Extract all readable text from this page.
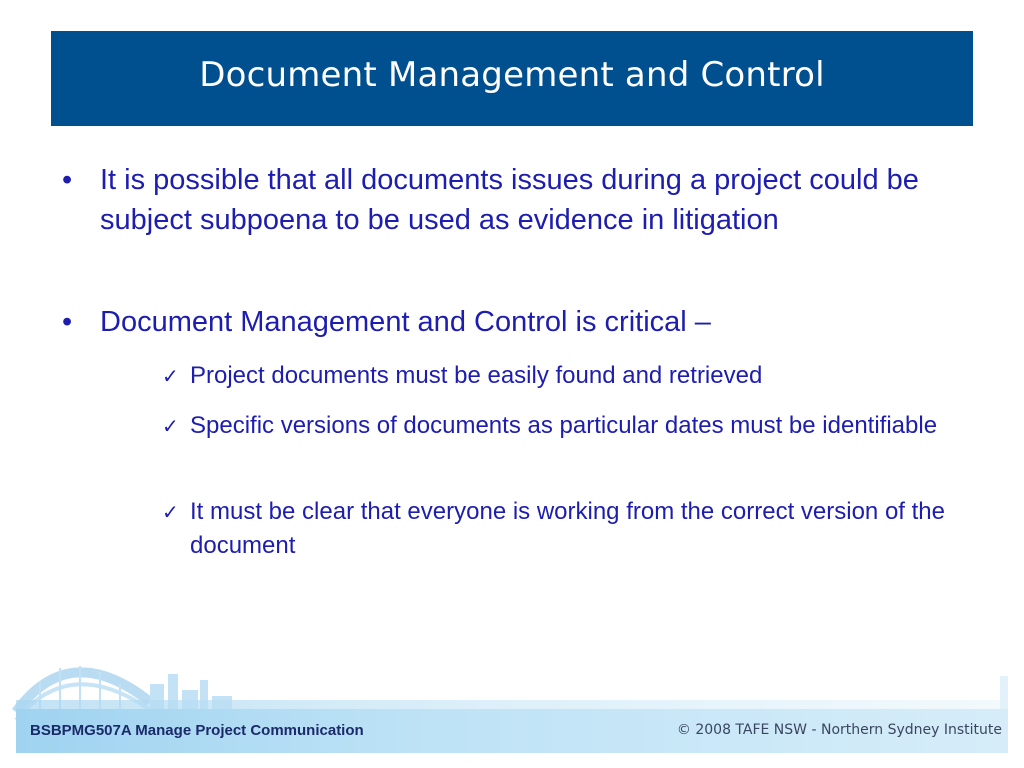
Document Management and Control
• It is possible that all documents issues during a project could be subject subpoena to be used as evidence in litigation
• Document Management and Control is critical –
✓ Project documents must be easily found and retrieved
✓ Specific versions of documents as particular dates must be identifiable
✓ It must be clear that everyone is working from the correct version of the document
BSBPMG507A Manage Project Communication	© 2008 TAFE NSW - Northern Sydney Institute
